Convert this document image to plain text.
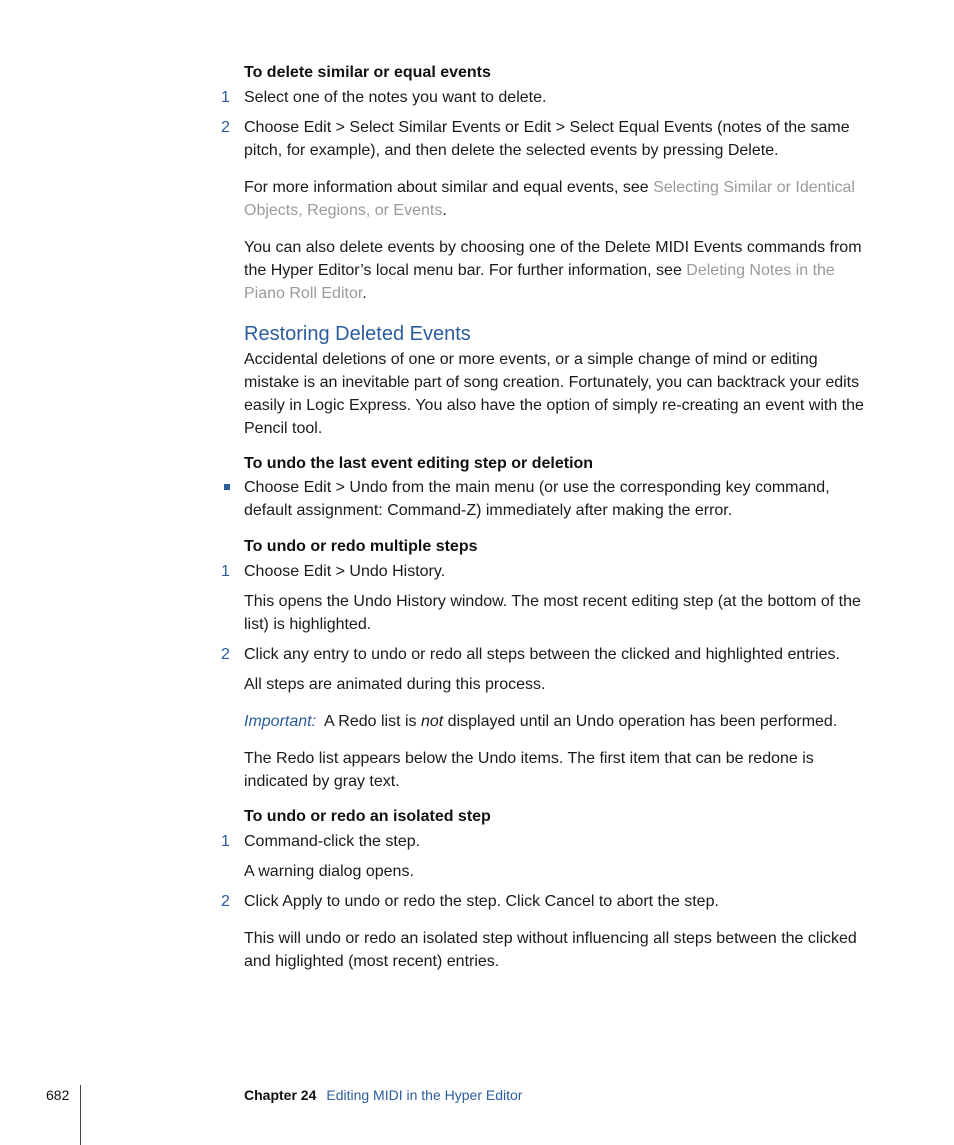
To delete similar or equal events
1 Select one of the notes you want to delete.
2 Choose Edit > Select Similar Events or Edit > Select Equal Events (notes of the same pitch, for example), and then delete the selected events by pressing Delete.
For more information about similar and equal events, see Selecting Similar or Identical Objects, Regions, or Events.
You can also delete events by choosing one of the Delete MIDI Events commands from the Hyper Editor’s local menu bar. For further information, see Deleting Notes in the Piano Roll Editor.
Restoring Deleted Events
Accidental deletions of one or more events, or a simple change of mind or editing mistake is an inevitable part of song creation. Fortunately, you can backtrack your edits easily in Logic Express. You also have the option of simply re-creating an event with the Pencil tool.
To undo the last event editing step or deletion
Choose Edit > Undo from the main menu (or use the corresponding key command, default assignment: Command-Z) immediately after making the error.
To undo or redo multiple steps
1 Choose Edit > Undo History.
This opens the Undo History window. The most recent editing step (at the bottom of the list) is highlighted.
2 Click any entry to undo or redo all steps between the clicked and highlighted entries.
All steps are animated during this process.
Important:  A Redo list is not displayed until an Undo operation has been performed.
The Redo list appears below the Undo items. The first item that can be redone is indicated by gray text.
To undo or redo an isolated step
1 Command-click the step.
A warning dialog opens.
2 Click Apply to undo or redo the step. Click Cancel to abort the step.
This will undo or redo an isolated step without influencing all steps between the clicked and higlighted (most recent) entries.
682	Chapter 24 Editing MIDI in the Hyper Editor
